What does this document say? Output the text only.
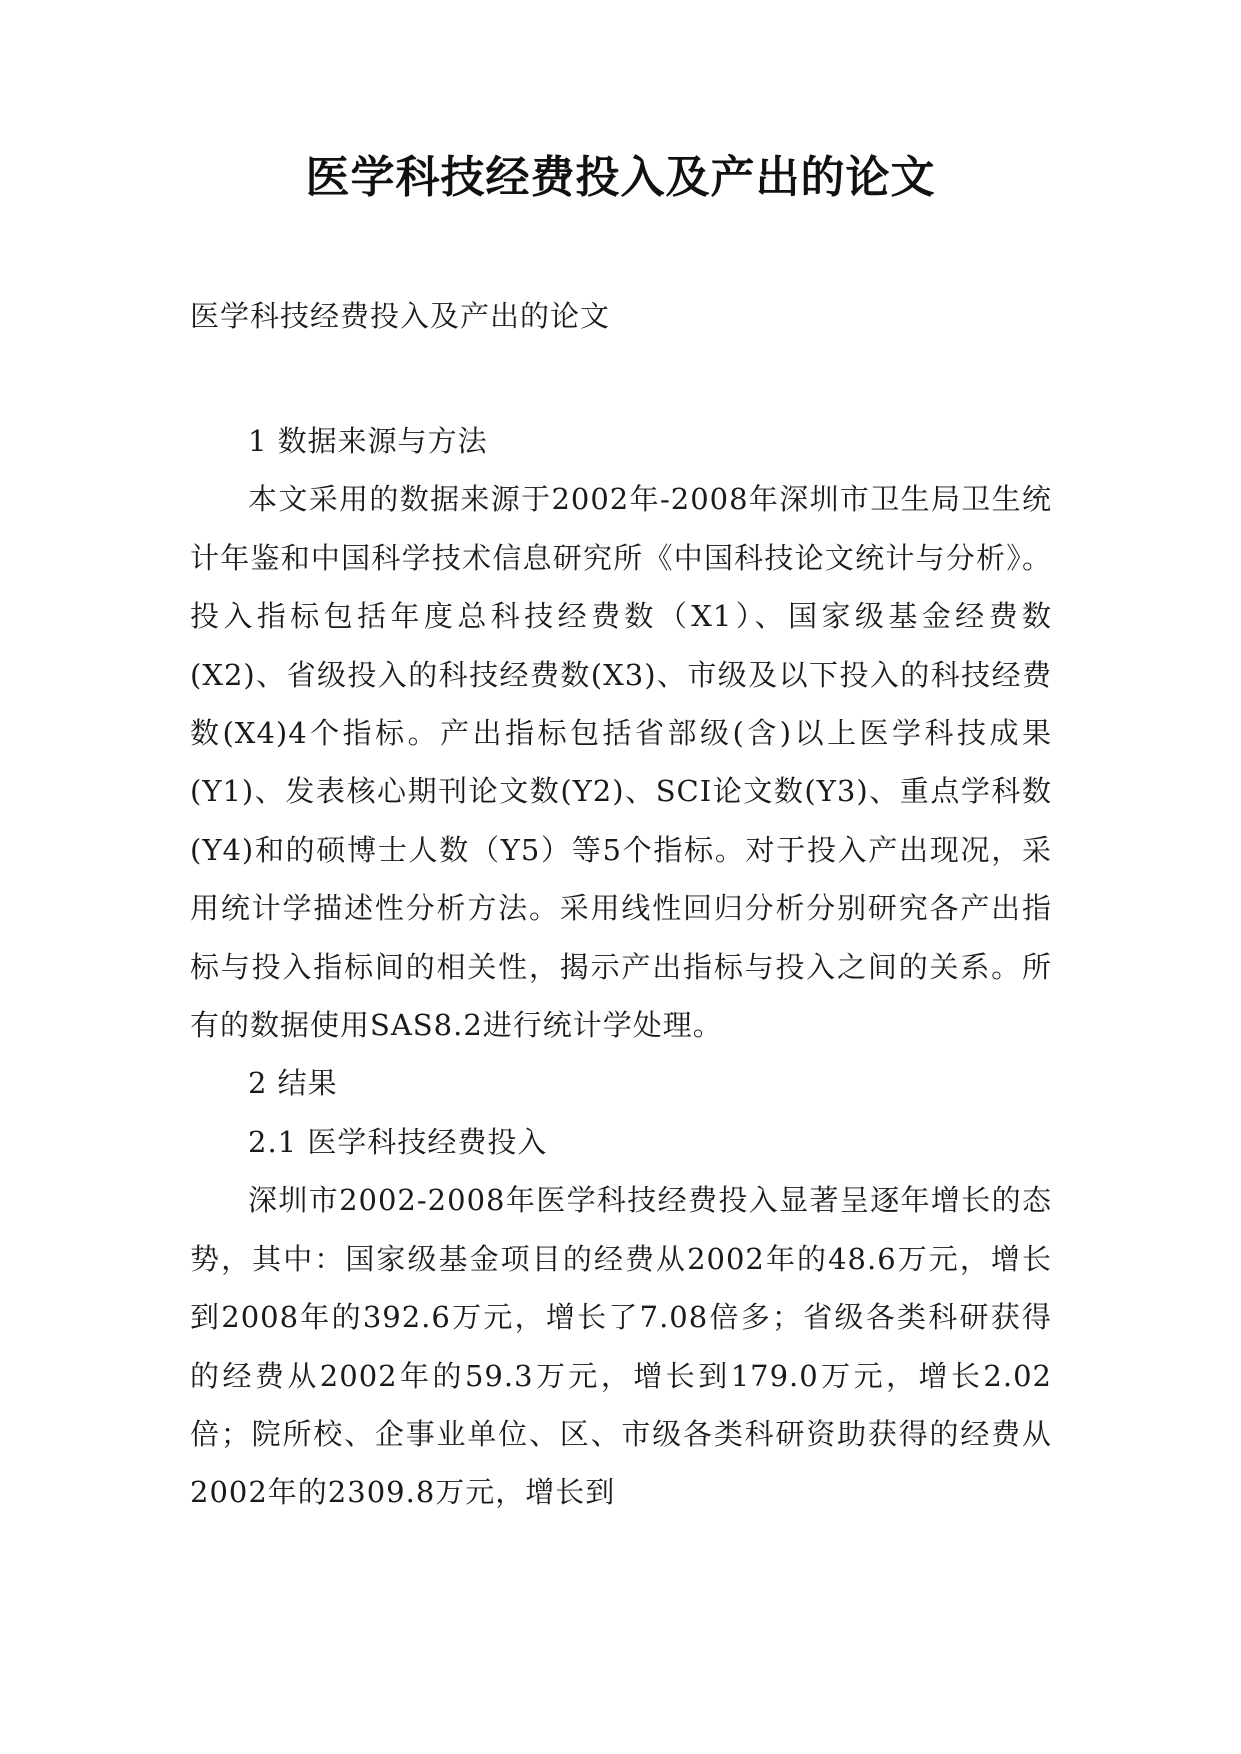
医学科技经费投入及产出的论文

医学科技经费投入及产出的论文

1 数据来源与方法

本文采用的数据来源于2002年-2008年深圳市卫生局卫生统计年鉴和中国科学技术信息研究所《中国科技论文统计与分析》。投入指标包括年度总科技经费数（X1）、国家级基金经费数(X2)、省级投入的科技经费数(X3)、市级及以下投入的科技经费数(X4)4个指标。产出指标包括省部级(含)以上医学科技成果(Y1)、发表核心期刊论文数(Y2)、SCI论文数(Y3)、重点学科数(Y4)和的硕博士人数（Y5）等5个指标。对于投入产出现况，采用统计学描述性分析方法。采用线性回归分析分别研究各产出指标与投入指标间的相关性，揭示产出指标与投入之间的关系。所有的数据使用SAS8.2进行统计学处理。

2 结果

2.1 医学科技经费投入

深圳市2002-2008年医学科技经费投入显著呈逐年增长的态势，其中：国家级基金项目的经费从2002年的48.6万元，增长到2008年的392.6万元，增长了7.08倍多；省级各类科研获得的经费从2002年的59.3万元，增长到179.0万元，增长2.02倍；院所校、企事业单位、区、市级各类科研资助获得的经费从2002年的2309.8万元，增长到
